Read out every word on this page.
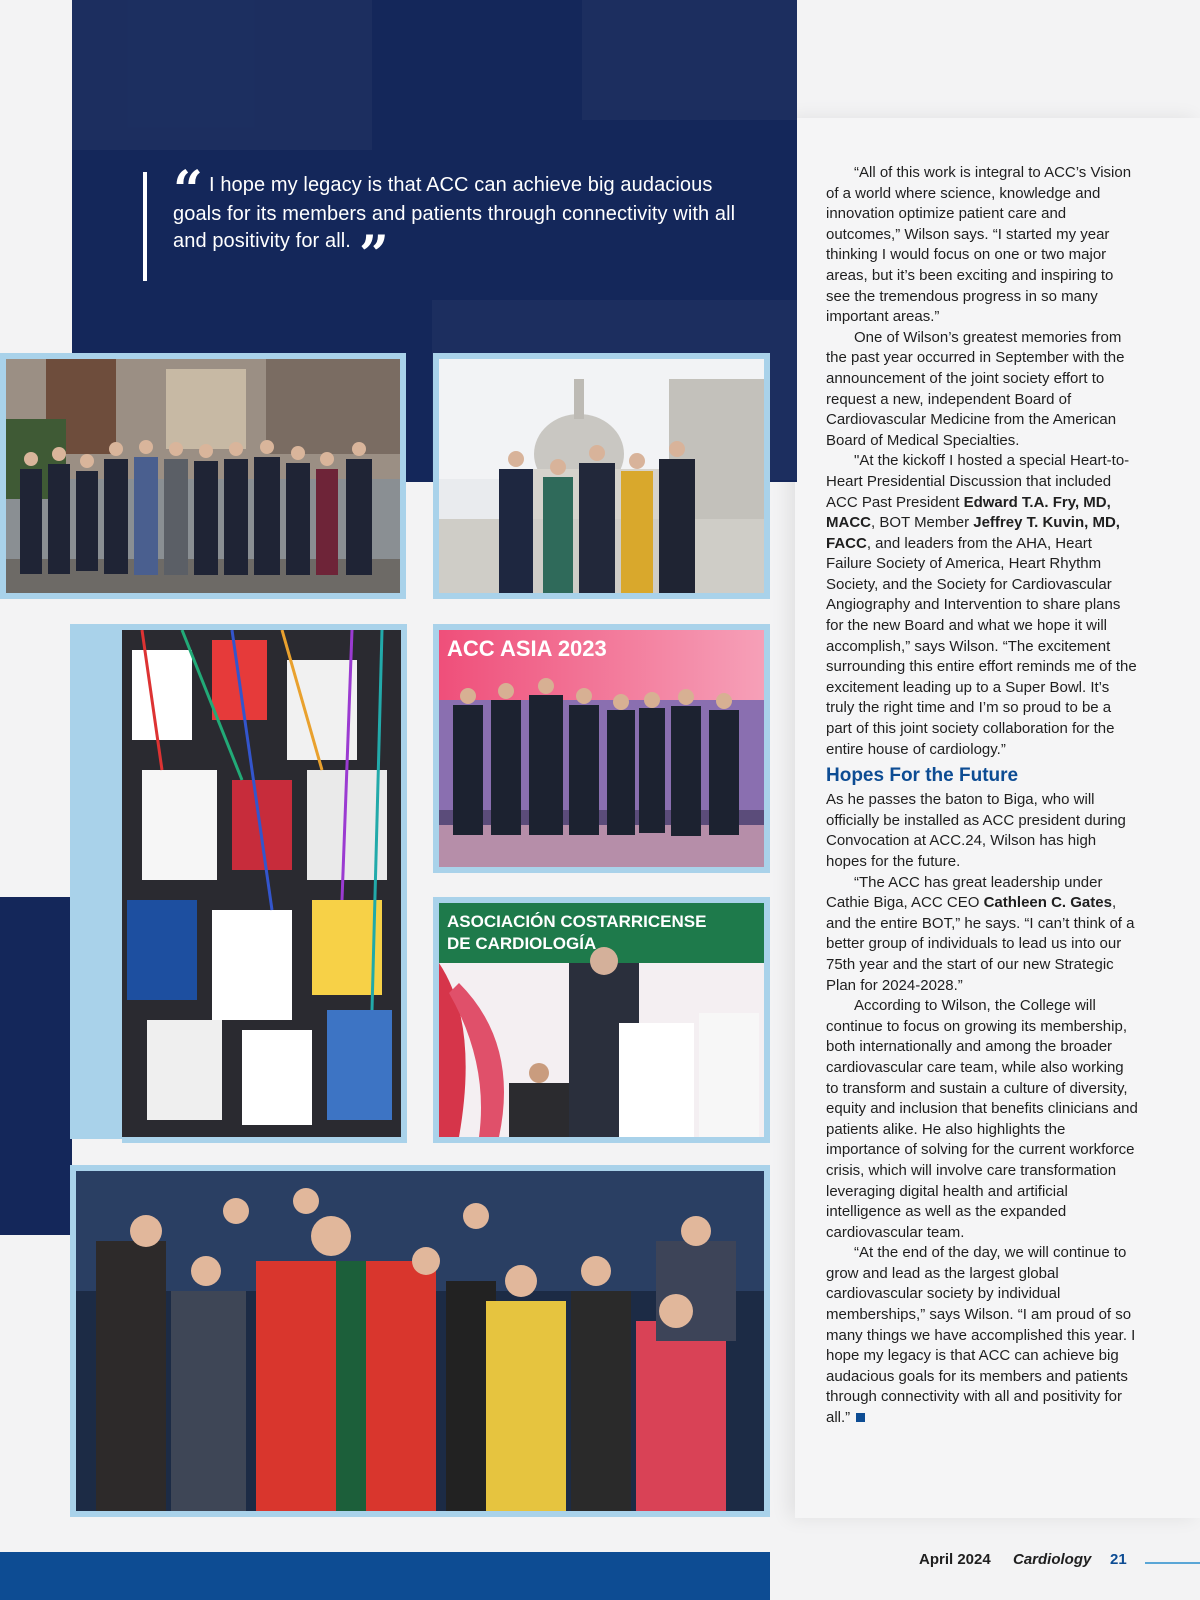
“ I hope my legacy is that ACC can achieve big audacious goals for its members and patients through connectivity with all and positivity for all. ”

ACC ASIA 2023
ASOCIACIÓN COSTARRICENSE
DE CARDIOLOGÍA

“All of this work is integral to ACC’s Vision of a world where science, knowledge and innovation optimize patient care and outcomes,” Wilson says. “I started my year thinking I would focus on one or two major areas, but it’s been exciting and inspiring to see the tremendous progress in so many important areas.”

One of Wilson’s greatest memories from the past year occurred in September with the announcement of the joint society effort to request a new, independent Board of Cardiovascular Medicine from the American Board of Medical Specialties.

"At the kickoff I hosted a special Heart-to-Heart Presidential Discussion that included ACC Past President Edward T.A. Fry, MD, MACC, BOT Member Jeffrey T. Kuvin, MD, FACC, and leaders from the AHA, Heart Failure Society of America, Heart Rhythm Society, and the Society for Cardiovascular Angiography and Intervention to share plans for the new Board and what we hope it will accomplish,” says Wilson. “The excitement surrounding this entire effort reminds me of the excitement leading up to a Super Bowl. It’s truly the right time and I’m so proud to be a part of this joint society collaboration for the entire house of cardiology.”

Hopes For the Future

As he passes the baton to Biga, who will officially be installed as ACC president during Convocation at ACC.24, Wilson has high hopes for the future.

“The ACC has great leadership under Cathie Biga, ACC CEO Cathleen C. Gates, and the entire BOT,” he says. “I can’t think of a better group of individuals to lead us into our 75th year and the start of our new Strategic Plan for 2024-2028.”

According to Wilson, the College will continue to focus on growing its membership, both internationally and among the broader cardiovascular care team, while also working to transform and sustain a culture of diversity, equity and inclusion that benefits clinicians and patients alike. He also highlights the importance of solving for the current workforce crisis, which will involve care transformation leveraging digital health and artificial intelligence as well as the expanded cardiovascular team.

“At the end of the day, we will continue to grow and lead as the largest global cardiovascular society by individual memberships,” says Wilson. “I am proud of so many things we have accomplished this year. I hope my legacy is that ACC can achieve big audacious goals for its members and patients through connectivity with all and positivity for all.”

April 2024 Cardiology 21
